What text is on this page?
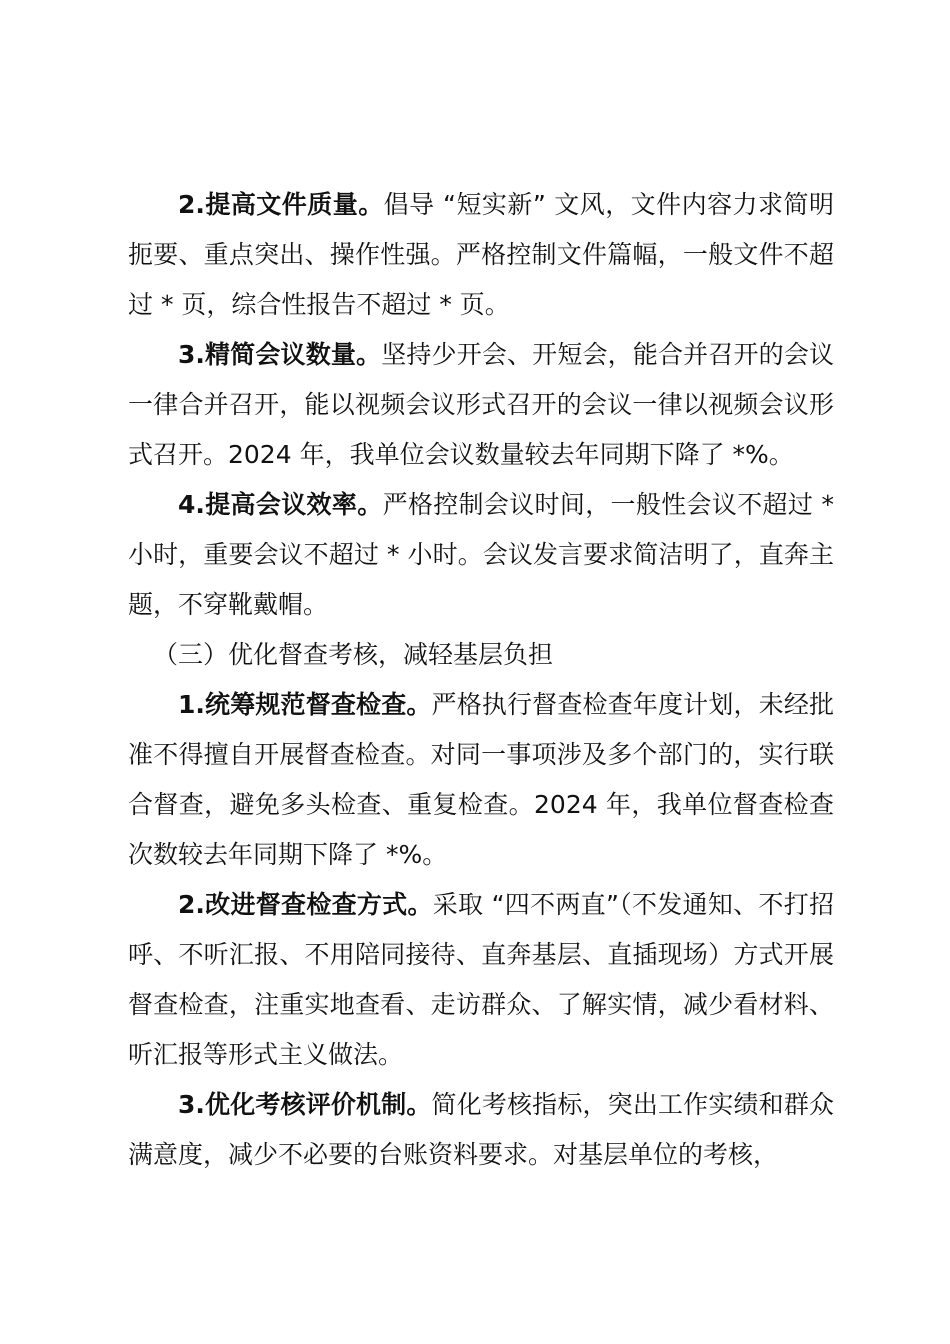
2.提高文件质量。倡导 “短实新” 文风，文件内容力求简明扼要、重点突出、操作性强。严格控制文件篇幅，一般文件不超过 * 页，综合性报告不超过 * 页。

3.精简会议数量。坚持少开会、开短会，能合并召开的会议一律合并召开，能以视频会议形式召开的会议一律以视频会议形式召开。2024 年，我单位会议数量较去年同期下降了 *%。

4.提高会议效率。严格控制会议时间，一般性会议不超过 * 小时，重要会议不超过 * 小时。会议发言要求简洁明了，直奔主题，不穿靴戴帽。

（三）优化督查考核，减轻基层负担

1.统筹规范督查检查。严格执行督查检查年度计划，未经批准不得擅自开展督查检查。对同一事项涉及多个部门的，实行联合督查，避免多头检查、重复检查。2024 年，我单位督查检查次数较去年同期下降了 *%。

2.改进督查检查方式。采取 “四不两直”（不发通知、不打招呼、不听汇报、不用陪同接待、直奔基层、直插现场）方式开展督查检查，注重实地查看、走访群众、了解实情，减少看材料、听汇报等形式主义做法。

3.优化考核评价机制。简化考核指标，突出工作实绩和群众满意度，减少不必要的台账资料要求。对基层单位的考核，
